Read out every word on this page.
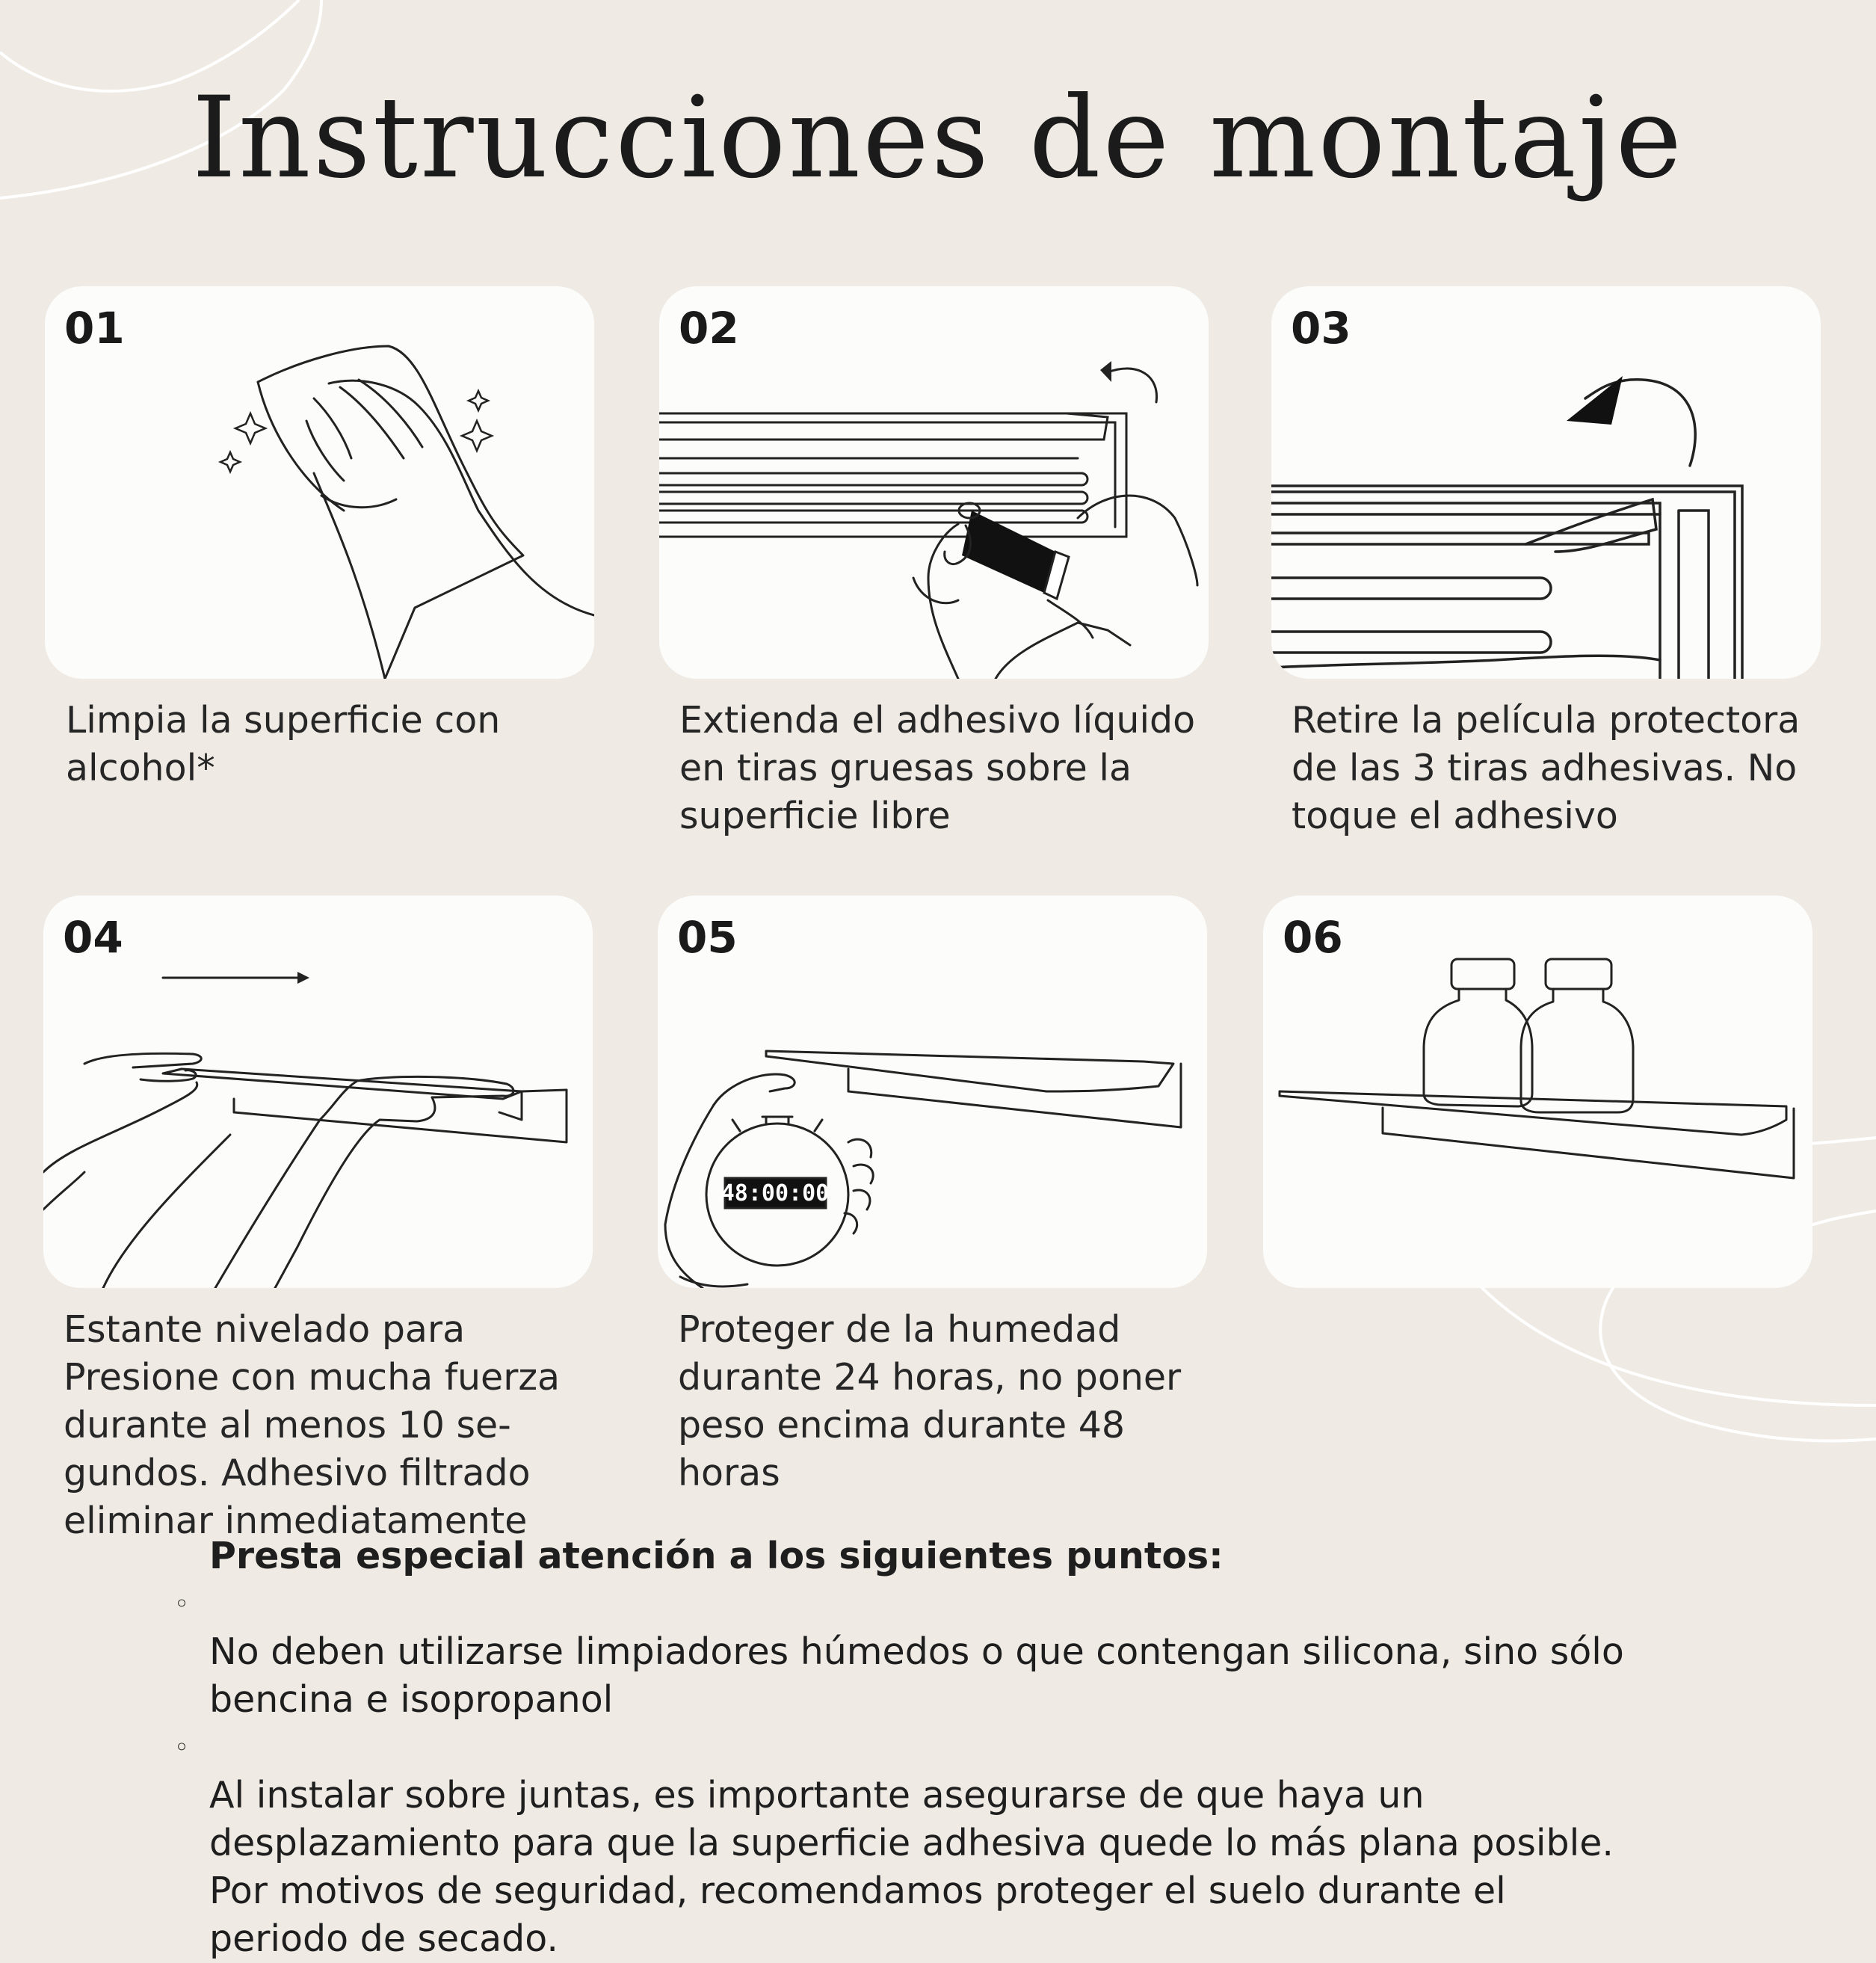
Instrucciones de montaje
01

Limpia la superficie con
alcohol*

02

Extienda el adhesivo líquido
en tiras gruesas sobre la
superficie libre

03

Retire la película protectora
de las 3 tiras adhesivas. No
toque el adhesivo

04

Estante nivelado para
Presione con mucha fuerza
durante al menos 10 se-
gundos. Adhesivo filtrado
eliminar inmediatamente

05
48:00:00

Proteger de la humedad
durante 24 horas, no poner
peso encima durante 48
horas

06

Presta especial atención a los siguientes puntos:

◦
No deben utilizarse limpiadores húmedos o que contengan silicona, sino sólo
bencina e isopropanol

◦
Al instalar sobre juntas, es importante asegurarse de que haya un
desplazamiento para que la superficie adhesiva quede lo más plana posible.
Por motivos de seguridad, recomendamos proteger el suelo durante el
periodo de secado.
